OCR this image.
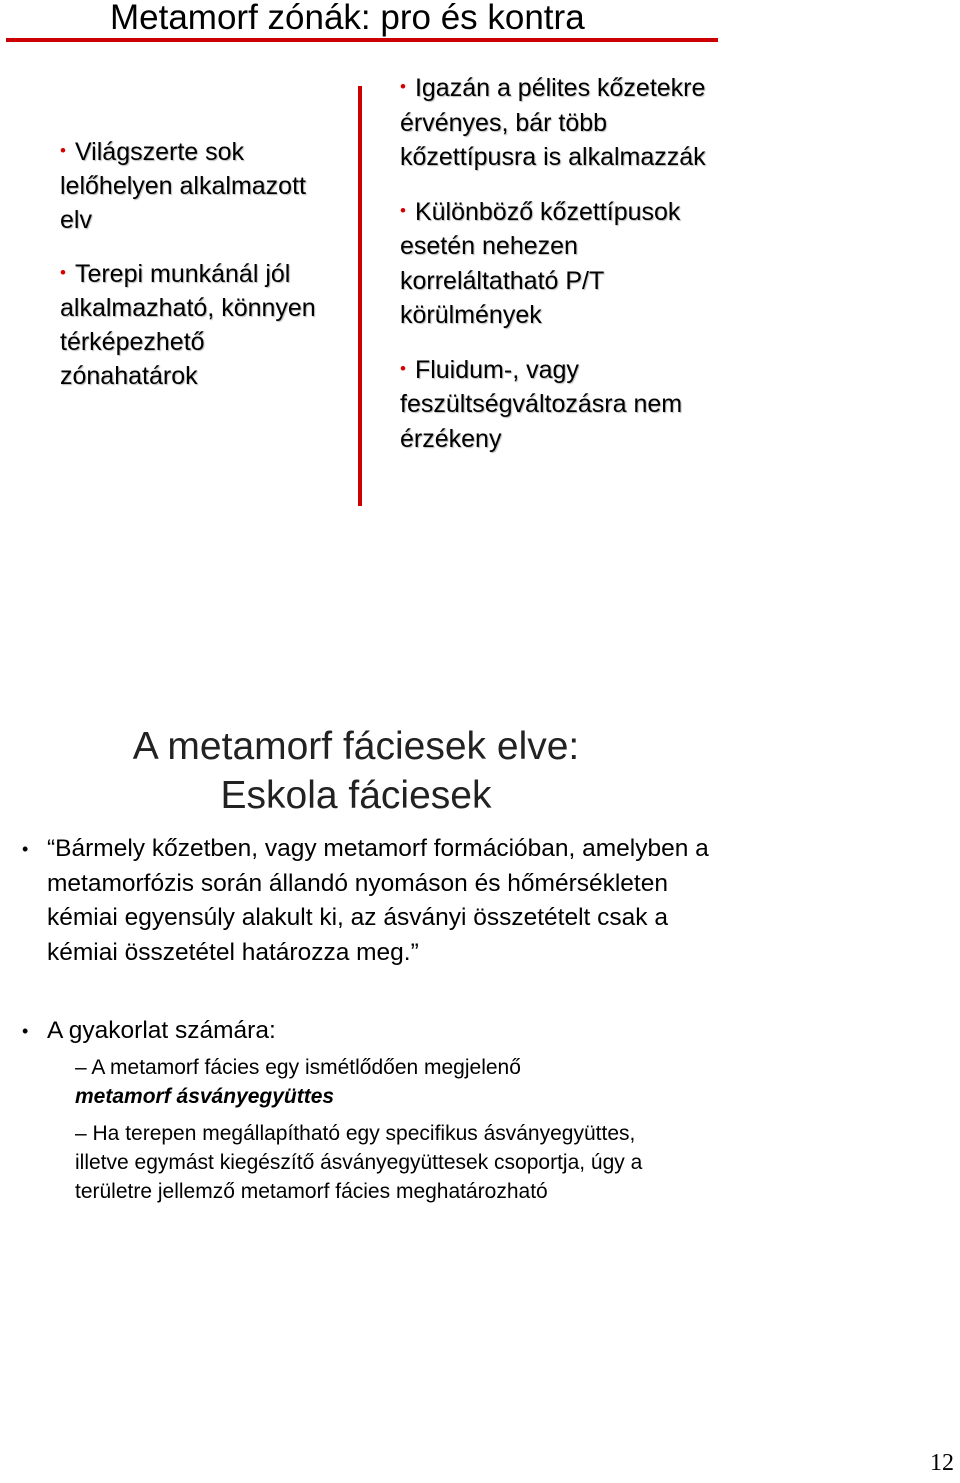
Metamorf zónák: pro és kontra
• Világszerte sok lelőhelyen alkalmazott elv
• Terepi munkánál jól alkalmazható, könnyen térképezhető zónahatárok
• Igazán a pélites kőzetekre érvényes, bár több kőzettípusra is alkalmazzák
• Különböző kőzettípusok esetén nehezen korreláltatható P/T körülmények
• Fluidum-, vagy feszültségváltozásra nem érzékeny
A metamorf fáciesek elve:
Eskola fáciesek
• “Bármely kőzetben, vagy metamorf formációban, amelyben a metamorfózis során állandó nyomáson és hőmérsékleten kémiai egyensúly alakult ki, az ásványi összetételt csak a kémiai összetétel határozza meg.”
• A gyakorlat számára:
– A metamorf fácies egy ismétlődően megjelenő
metamorf ásványegyüttes
– Ha terepen megállapítható egy specifikus ásványegyüttes, illetve egymást kiegészítő ásványegyüttesek csoportja, úgy a területre jellemző metamorf fácies meghatározható
12
